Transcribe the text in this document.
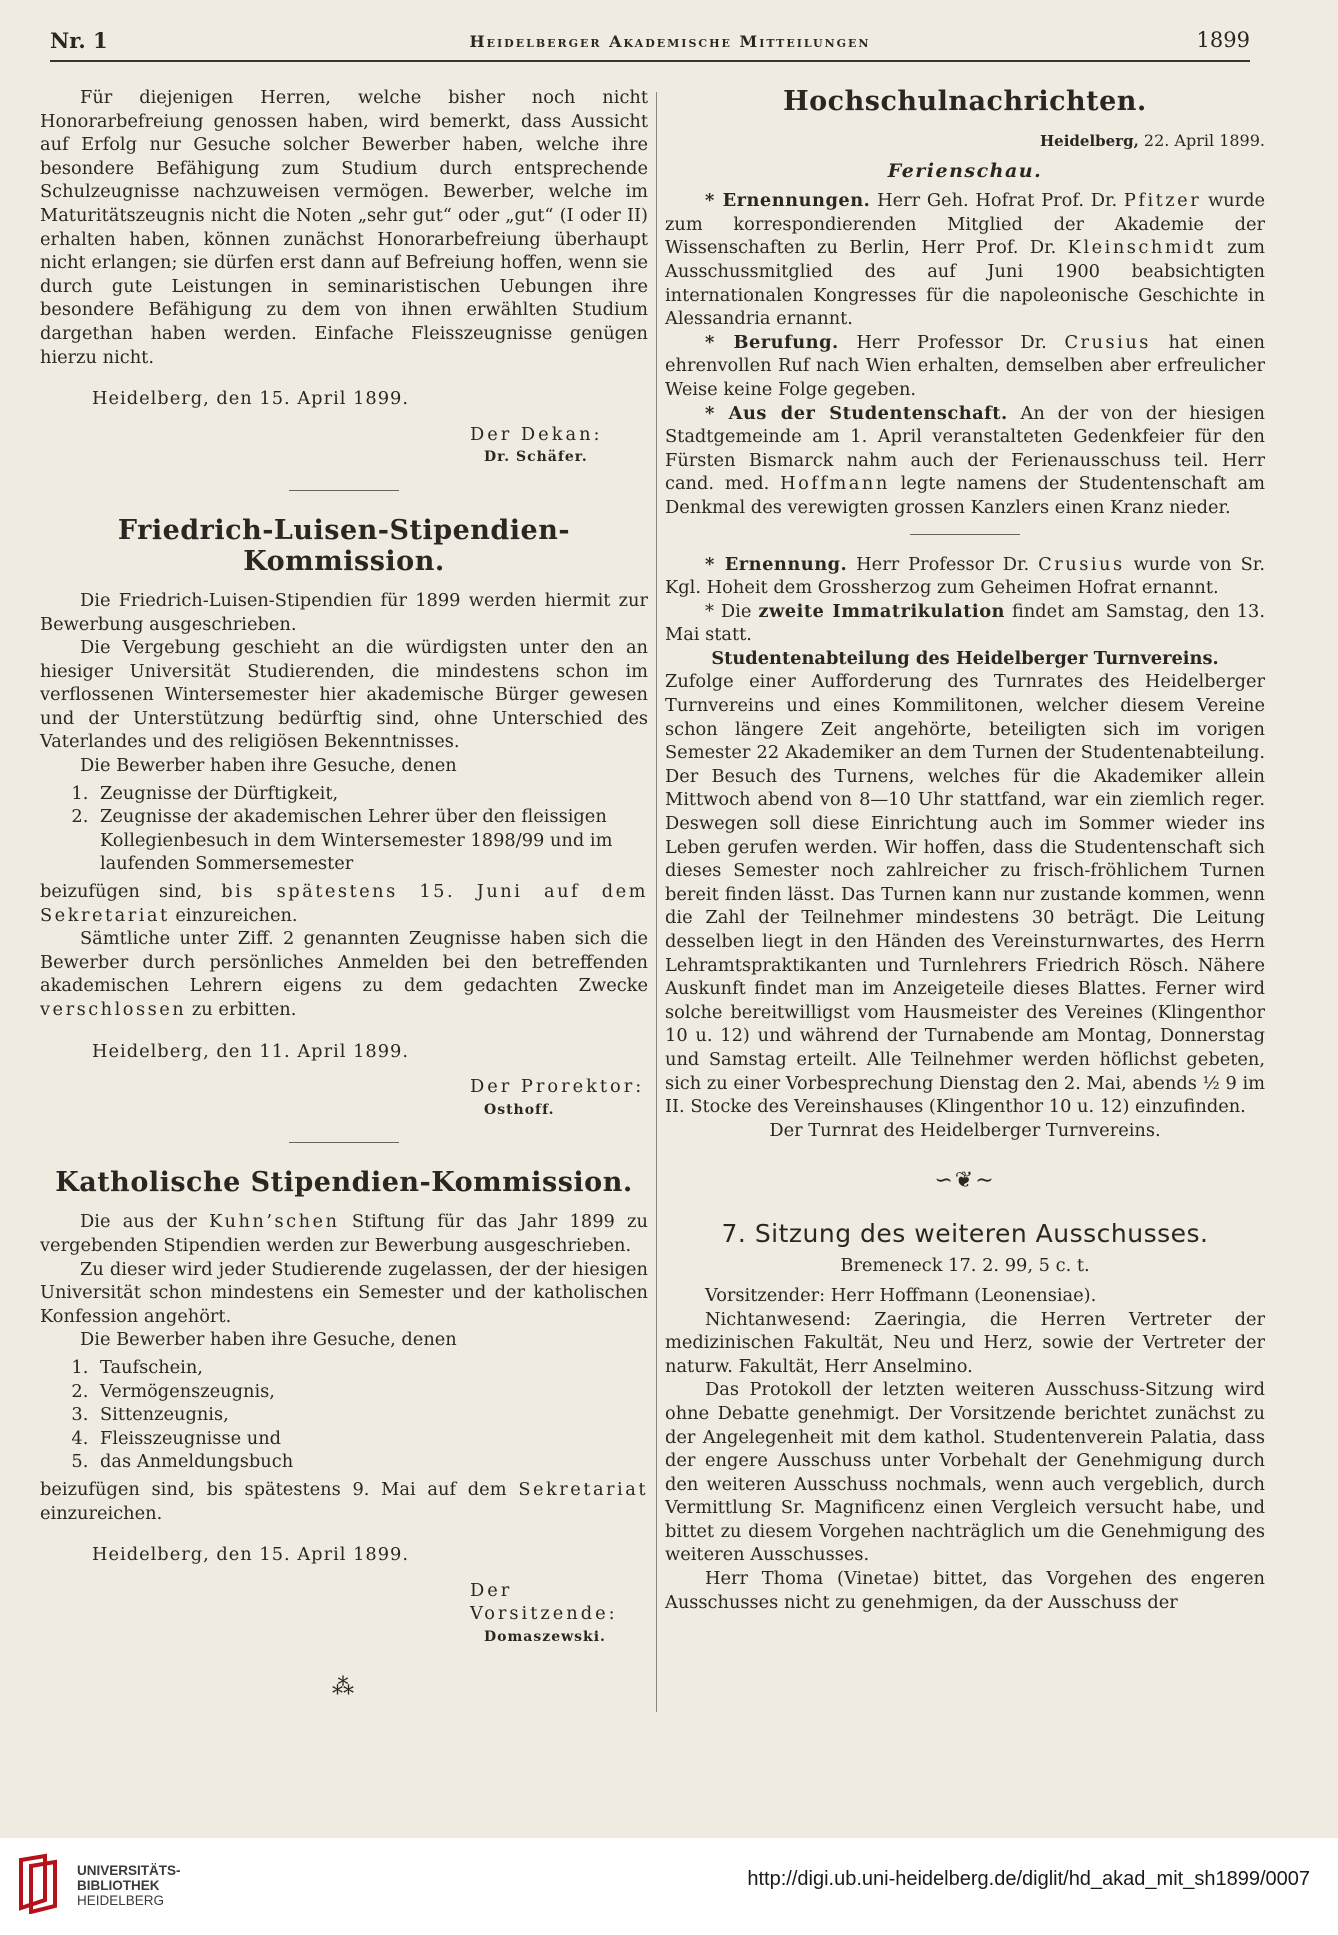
Nr. 1	Heidelberger Akademische Mitteilungen	1899

Für diejenigen Herren, welche bisher noch nicht Honorarbefreiung genossen haben, wird bemerkt, dass Aussicht auf Erfolg nur Gesuche solcher Bewerber haben, welche ihre besondere Befähigung zum Studium durch entsprechende Schulzeugnisse nachzuweisen vermögen. Bewerber, welche im Maturitätszeugnis nicht die Noten „sehr gut“ oder „gut“ (I oder II) erhalten haben, können zunächst Honorarbefreiung überhaupt nicht erlangen; sie dürfen erst dann auf Befreiung hoffen, wenn sie durch gute Leistungen in seminaristischen Uebungen ihre besondere Befähigung zu dem von ihnen erwählten Studium dargethan haben werden. Einfache Fleisszeugnisse genügen hierzu nicht.

Heidelberg, den 15. April 1899.

Der Dekan:

Dr. Schäfer.

Friedrich-Luisen-Stipendien-Kommission.

Die Friedrich-Luisen-Stipendien für 1899 werden hiermit zur Bewerbung ausgeschrieben.

Die Vergebung geschieht an die würdigsten unter den an hiesiger Universität Studierenden, die mindestens schon im verflossenen Wintersemester hier akademische Bürger gewesen und der Unterstützung bedürftig sind, ohne Unterschied des Vaterlandes und des religiösen Bekenntnisses.

Die Bewerber haben ihre Gesuche, denen

1. Zeugnisse der Dürftigkeit,
2. Zeugnisse der akademischen Lehrer über den fleissigen Kollegienbesuch in dem Wintersemester 1898/99 und im laufenden Sommersemester

beizufügen sind, bis spätestens 15. Juni auf dem Sekretariat einzureichen.

Sämtliche unter Ziff. 2 genannten Zeugnisse haben sich die Bewerber durch persönliches Anmelden bei den betreffenden akademischen Lehrern eigens zu dem gedachten Zwecke verschlossen zu erbitten.

Heidelberg, den 11. April 1899.

Der Prorektor:

Osthoff.

Katholische Stipendien-Kommission.

Die aus der Kuhn’schen Stiftung für das Jahr 1899 zu vergebenden Stipendien werden zur Bewerbung ausgeschrieben.

Zu dieser wird jeder Studierende zugelassen, der der hiesigen Universität schon mindestens ein Semester und der katholischen Konfession angehört.

Die Bewerber haben ihre Gesuche, denen

1. Taufschein,
2. Vermögenszeugnis,
3. Sittenzeugnis,
4. Fleisszeugnisse und
5. das Anmeldungsbuch

beizufügen sind, bis spätestens 9. Mai auf dem Sekretariat einzureichen.

Heidelberg, den 15. April 1899.

Der Vorsitzende:

Domaszewski.

⁂
Hochschulnachrichten.

Heidelberg, 22. April 1899.

Ferienschau.

* Ernennungen. Herr Geh. Hofrat Prof. Dr. Pfitzer wurde zum korrespondierenden Mitglied der Akademie der Wissenschaften zu Berlin, Herr Prof. Dr. Kleinschmidt zum Ausschussmitglied des auf Juni 1900 beabsichtigten internationalen Kongresses für die napoleonische Geschichte in Alessandria ernannt.

* Berufung. Herr Professor Dr. Crusius hat einen ehrenvollen Ruf nach Wien erhalten, demselben aber erfreulicher Weise keine Folge gegeben.

* Aus der Studentenschaft. An der von der hiesigen Stadtgemeinde am 1. April veranstalteten Gedenkfeier für den Fürsten Bismarck nahm auch der Ferienausschuss teil. Herr cand. med. Hoffmann legte namens der Studentenschaft am Denkmal des verewigten grossen Kanzlers einen Kranz nieder.

* Ernennung. Herr Professor Dr. Crusius wurde von Sr. Kgl. Hoheit dem Grossherzog zum Geheimen Hofrat ernannt.

* Die zweite Immatrikulation findet am Samstag, den 13. Mai statt.

Studentenabteilung des Heidelberger Turnvereins.

Zufolge einer Aufforderung des Turnrates des Heidelberger Turnvereins und eines Kommilitonen, welcher diesem Vereine schon längere Zeit angehörte, beteiligten sich im vorigen Semester 22 Akademiker an dem Turnen der Studentenabteilung. Der Besuch des Turnens, welches für die Akademiker allein Mittwoch abend von 8—10 Uhr stattfand, war ein ziemlich reger. Deswegen soll diese Einrichtung auch im Sommer wieder ins Leben gerufen werden. Wir hoffen, dass die Studentenschaft sich dieses Semester noch zahlreicher zu frisch-fröhlichem Turnen bereit finden lässt. Das Turnen kann nur zustande kommen, wenn die Zahl der Teilnehmer mindestens 30 beträgt. Die Leitung desselben liegt in den Händen des Vereinsturnwartes, des Herrn Lehramtspraktikanten und Turnlehrers Friedrich Rösch. Nähere Auskunft findet man im Anzeigeteile dieses Blattes. Ferner wird solche bereitwilligst vom Hausmeister des Vereines (Klingenthor 10 u. 12) und während der Turnabende am Montag, Donnerstag und Samstag erteilt. Alle Teilnehmer werden höflichst gebeten, sich zu einer Vorbesprechung Dienstag den 2. Mai, abends ½ 9 im II. Stocke des Vereinshauses (Klingenthor 10 u. 12) einzufinden.

Der Turnrat des Heidelberger Turnvereins.

∽❦∼
7. Sitzung des weiteren Ausschusses.

Bremeneck 17. 2. 99, 5 c. t.

Vorsitzender: Herr Hoffmann (Leonensiae).

Nichtanwesend: Zaeringia, die Herren Vertreter der medizinischen Fakultät, Neu und Herz, sowie der Vertreter der naturw. Fakultät, Herr Anselmino.

Das Protokoll der letzten weiteren Ausschuss-Sitzung wird ohne Debatte genehmigt. Der Vorsitzende berichtet zunächst zu der Angelegenheit mit dem kathol. Studentenverein Palatia, dass der engere Ausschuss unter Vorbehalt der Genehmigung durch den weiteren Ausschuss nochmals, wenn auch vergeblich, durch Vermittlung Sr. Magnificenz einen Vergleich versucht habe, und bittet zu diesem Vorgehen nachträglich um die Genehmigung des weiteren Ausschusses.

Herr Thoma (Vinetae) bittet, das Vorgehen des engeren Ausschusses nicht zu genehmigen, da der Ausschuss der

UNIVERSITÄTS-
BIBLIOTHEK
HEIDELBERG
http://digi.ub.uni-heidelberg.de/diglit/hd_akad_mit_sh1899/0007
